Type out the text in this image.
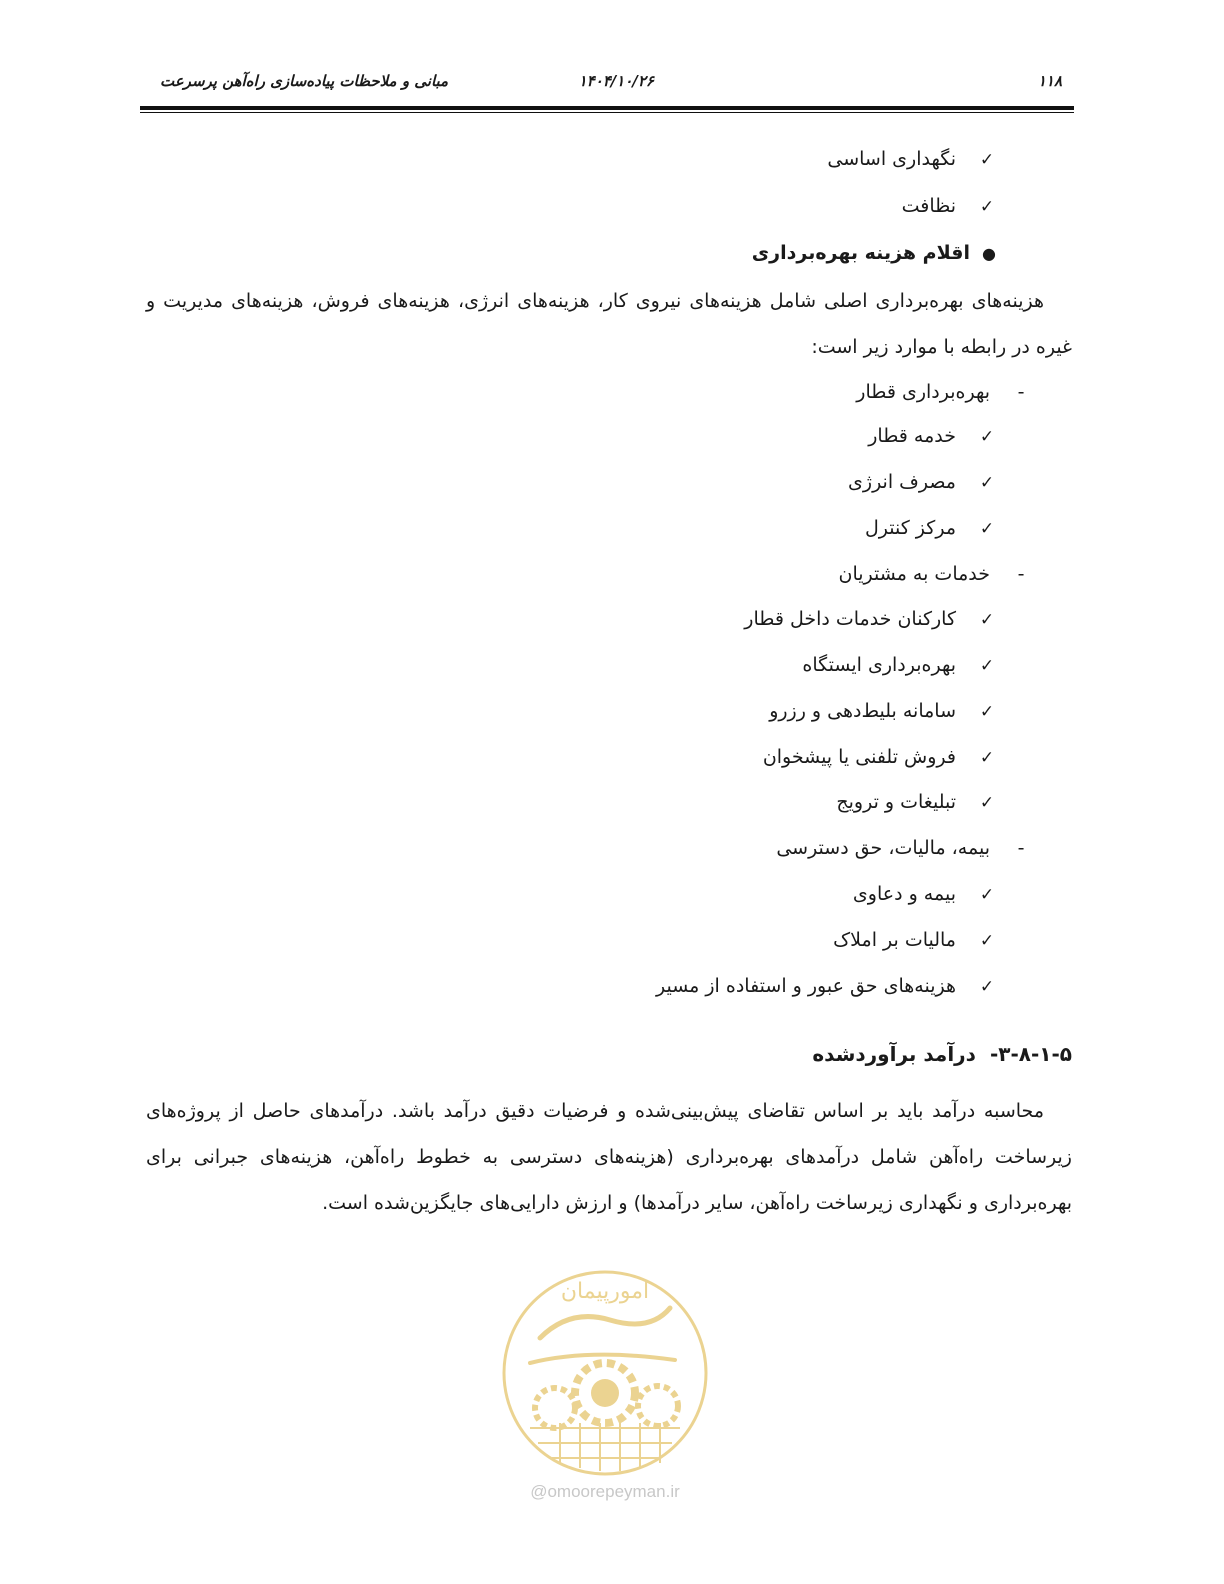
۱۱۸
۱۴۰۴/۱۰/۲۶
مبانی و ملاحظات پیاده‌سازی راه‌آهن پرسرعت
✓نگهداری اساسی
✓نظافت
●اقلام هزینه بهره‌برداری

هزینه‌های بهره‌برداری اصلی شامل هزینه‌های نیروی کار، هزینه‌های انرژی، هزینه‌های فروش، هزینه‌های مدیریت و غیره در رابطه با موارد زیر است:

-بهره‌برداری قطار
✓خدمه قطار
✓مصرف انرژی
✓مرکز کنترل
-خدمات به مشتریان
✓کارکنان خدمات داخل قطار
✓بهره‌برداری ایستگاه
✓سامانه بلیط‌دهی و رزرو
✓فروش تلفنی یا پیشخوان
✓تبلیغات و ترویج
-بیمه، مالیات، حق دسترسی
✓بیمه و دعاوی
✓مالیات بر املاک
✓هزینه‌های حق عبور و استفاده از مسیر
۳-۸-۱-۵-درآمد برآوردشده

محاسبه درآمد باید بر اساس تقاضای پیش‌بینی‌شده و فرضیات دقیق درآمد باشد. درآمدهای حاصل از پروژه‌های زیرساخت راه‌آهن شامل درآمدهای بهره‌برداری (هزینه‌های دسترسی به خطوط راه‌آهن، هزینه‌های جبرانی برای بهره‌برداری و نگهداری زیرساخت راه‌آهن، سایر درآمدها) و ارزش دارایی‌های جایگزین‌شده است.

امورپیمان
@omoorepeyman.ir
